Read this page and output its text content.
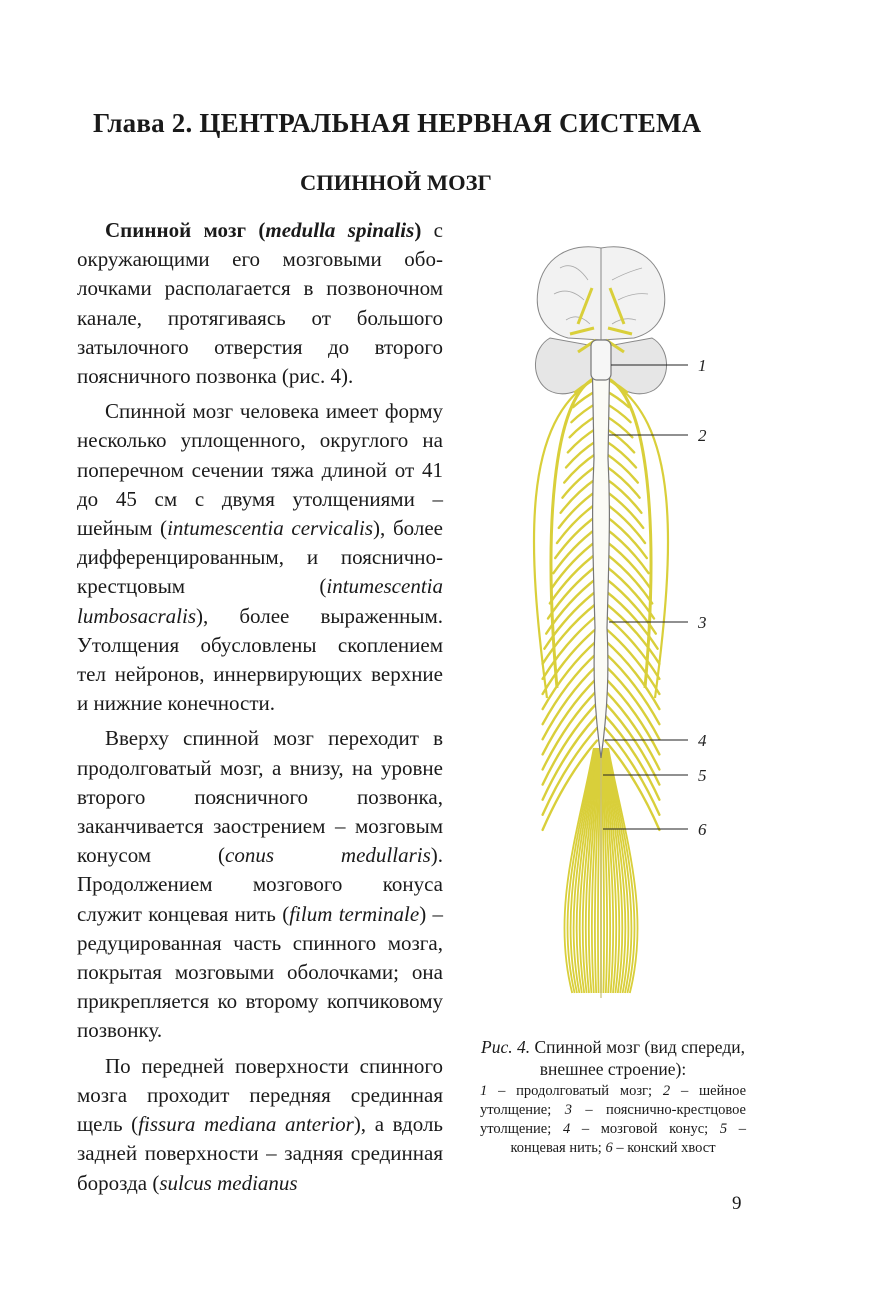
Глава 2. ЦЕНТРАЛЬНАЯ НЕРВНАЯ СИСТЕМА
СПИННОЙ МОЗГ

Спинной мозг (medulla spinalis) с окружающими его мозговыми оболочками располагается в позвоночном канале, протягиваясь от большого затылочного отверстия до второго поясничного позвонка (рис. 4).

Спинной мозг человека имеет форму несколько уплощенного, округлого на поперечном сечении тяжа длиной от 41 до 45 см с двумя утолщениями – шейным (intumescentia cervicalis), более дифференцированным, и пояснично-крестцовым (intumescentia lumbosacralis), более выраженным. Утолщения обусловлены скоплением тел нейронов, иннервирующих верхние и нижние конечности.

Вверху спинной мозг переходит в продолговатый мозг, а внизу, на уровне второго поясничного позвонка, заканчивается заострением – мозговым конусом (conus medullaris). Продолжением мозгового конуса служит концевая нить (filum terminale) – редуцированная часть спинного мозга, покрытая мозговыми оболочками; она прикрепляется ко второму копчиковому позвонку.

По передней поверхности спинного мозга проходит передняя срединная щель (fissura mediana anterior), а вдоль задней поверхности – задняя срединная борозда (sulcus medianus

1
2
3
4
5
6

Рис. 4. Спинной мозг (вид спереди, внешнее строение):

1 – продолговатый мозг; 2 – шейное утолщение; 3 – пояснично-крестцовое утолщение; 4 – мозговой конус; 5 – концевая нить; 6 – конский хвост

9
